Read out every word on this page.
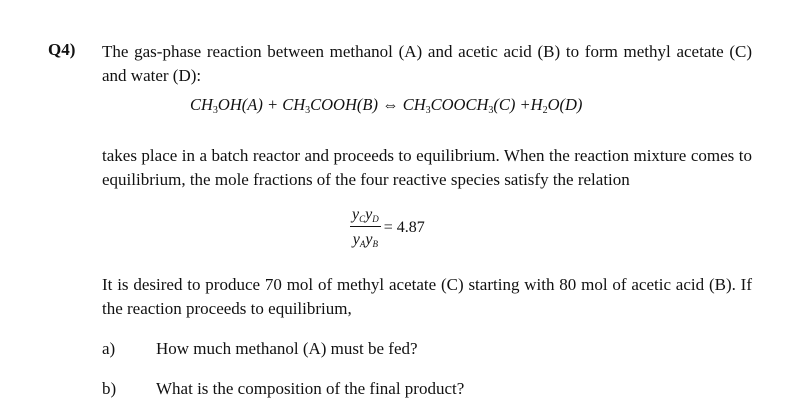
Q4) The gas-phase reaction between methanol (A) and acetic acid (B) to form methyl acetate (C) and water (D):
$CH_3OH(A)$ + $CH_3COOH(B)$ ⇔ $CH_3COOCH_3(C) +H_2O(D)$
takes place in a batch reactor and proceeds to equilibrium. When the reaction mixture comes to equilibrium, the mole fractions of the four reactive species satisfy the relation
$\frac{y_Cy_D}{y_Ay_B} = 4.87$
It is desired to produce 70 mol of methyl acetate (C) starting with 80 mol of acetic acid (B). If the reaction proceeds to equilibrium,
a) How much methanol (A) must be fed?
b) What is the composition of the final product?
